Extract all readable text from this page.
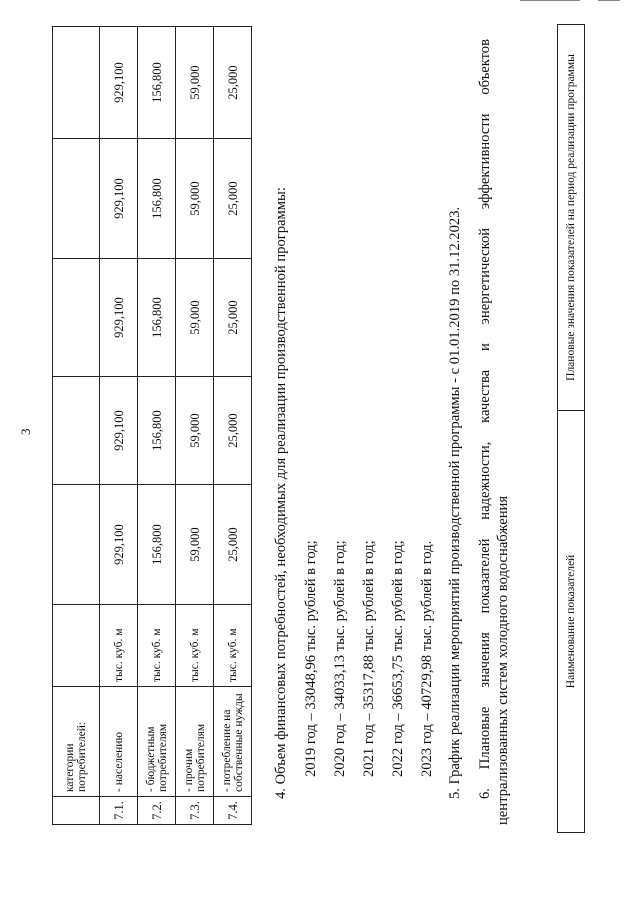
3
	категории потребителей:						
7.1.	- населению	тыс. куб. м	929,100	929,100	929,100	929,100	929,100
7.2.	- бюджетным потребителям	тыс. куб. м	156,800	156,800	156,800	156,800	156,800
7.3.	- прочим потребителям	тыс. куб. м	59,000	59,000	59,000	59,000	59,000
7.4.	- потребление на собственные нужды	тыс. куб. м	25,000	25,000	25,000	25,000	25,000
4. Объем финансовых потребностей, необходимых для реализации производственной программы: 2019 год – 33048,96 тыс. рублей в год; 2020 год – 34033,13 тыс. рублей в год; 2021 год – 35317,88 тыс. рублей в год; 2022 год – 36653,75 тыс. рублей в год; 2023 год – 40729,98 тыс. рублей в год. 5. График реализации мероприятий производственной программы - с 01.01.2019 по 31.12.2023. 6. Плановые значения показателей надежности, качества и энергетической эффективности объектов централизованных систем холодного водоснабжения	Наименование показателей	Плановые значения показателей на период реализации программы
